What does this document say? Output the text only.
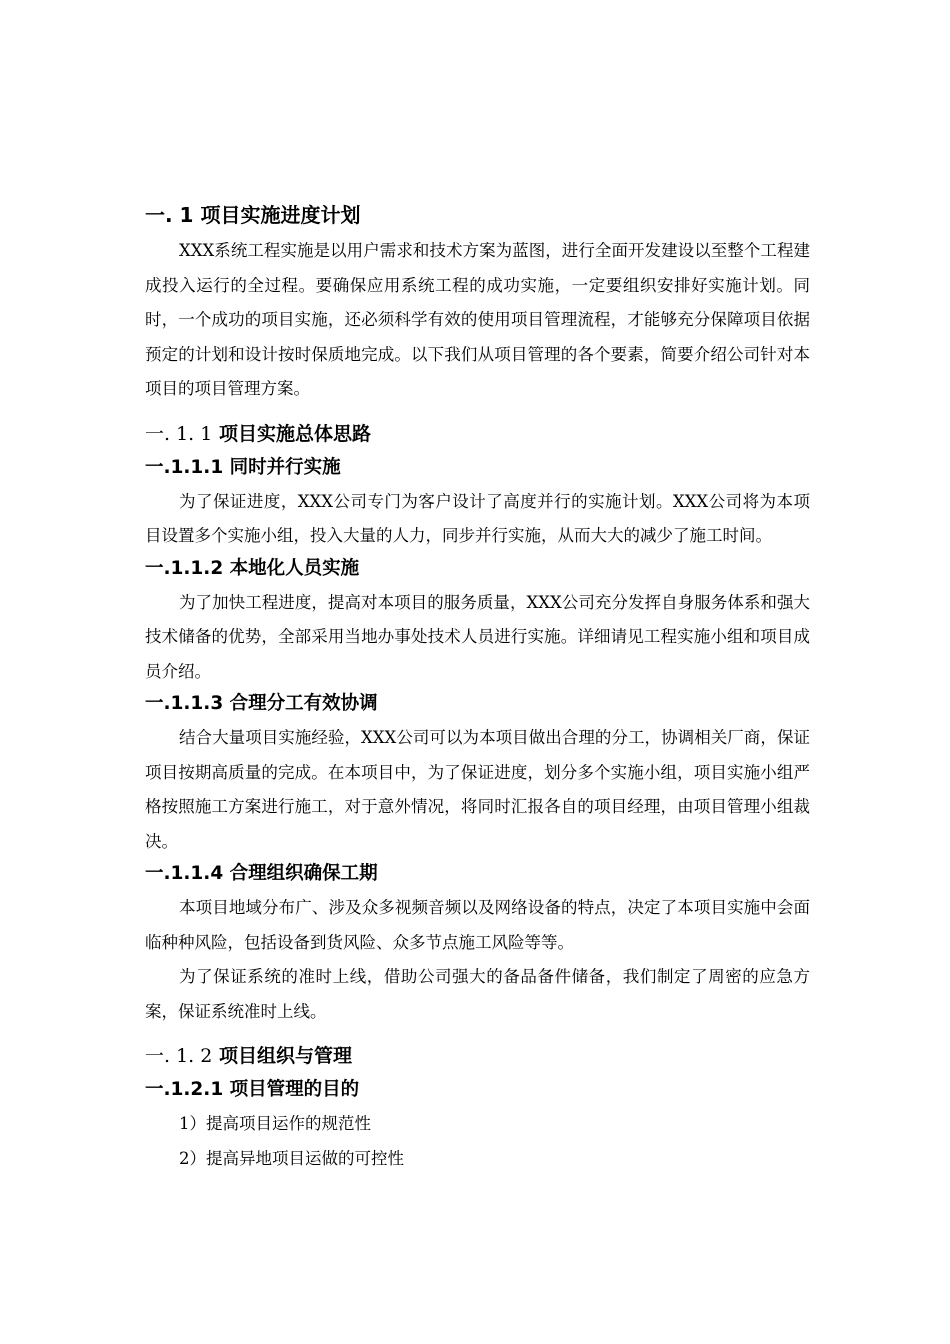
一. 1 项目实施进度计划

XXX系统工程实施是以用户需求和技术方案为蓝图，进行全面开发建设以至整个工程建成投入运行的全过程。要确保应用系统工程的成功实施，一定要组织安排好实施计划。同时，一个成功的项目实施，还必须科学有效的使用项目管理流程，才能够充分保障项目依据预定的计划和设计按时保质地完成。以下我们从项目管理的各个要素，简要介绍公司针对本项目的项目管理方案。

一. 1. 1 项目实施总体思路
一.1.1.1 同时并行实施

为了保证进度，XXX公司专门为客户设计了高度并行的实施计划。XXX公司将为本项目设置多个实施小组，投入大量的人力，同步并行实施，从而大大的减少了施工时间。

一.1.1.2 本地化人员实施

为了加快工程进度，提高对本项目的服务质量，XXX公司充分发挥自身服务体系和强大技术储备的优势，全部采用当地办事处技术人员进行实施。详细请见工程实施小组和项目成员介绍。

一.1.1.3 合理分工有效协调

结合大量项目实施经验，XXX公司可以为本项目做出合理的分工，协调相关厂商，保证项目按期高质量的完成。在本项目中，为了保证进度，划分多个实施小组，项目实施小组严格按照施工方案进行施工，对于意外情况，将同时汇报各自的项目经理，由项目管理小组裁决。

一.1.1.4 合理组织确保工期

本项目地域分布广、涉及众多视频音频以及网络设备的特点，决定了本项目实施中会面临种种风险，包括设备到货风险、众多节点施工风险等等。

为了保证系统的准时上线，借助公司强大的备品备件储备，我们制定了周密的应急方案，保证系统准时上线。

一. 1. 2 项目组织与管理
一.1.2.1 项目管理的目的

1）提高项目运作的规范性

2）提高异地项目运做的可控性
